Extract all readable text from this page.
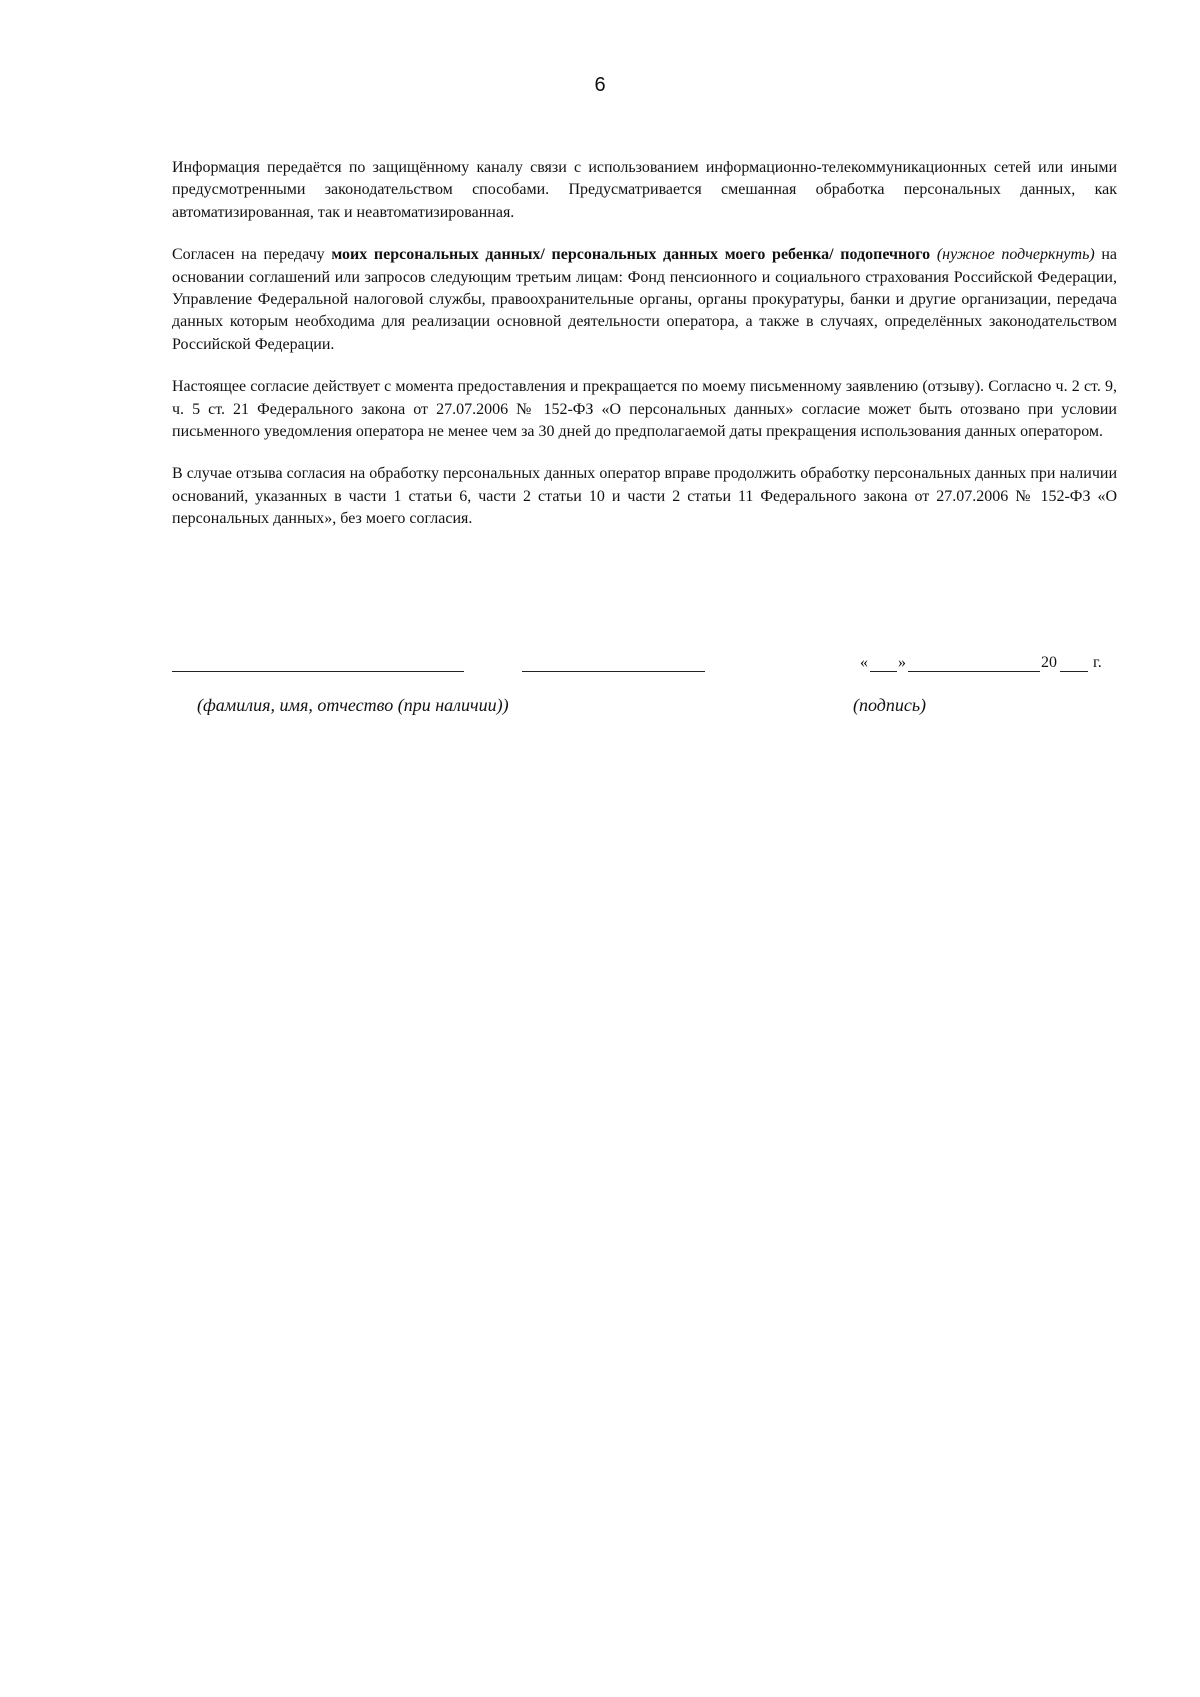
6

Информация передаётся по защищённому каналу связи с использованием информационно-телекоммуникационных сетей или иными предусмотренными законодательством способами. Предусматривается смешанная обработка персональных данных, как автоматизированная, так и неавтоматизированная.

Согласен на передачу моих персональных данных/ персональных данных моего ребенка/ подопечного (нужное подчеркнуть) на основании соглашений или запросов следующим третьим лицам: Фонд пенсионного и социального страхования Российской Федерации, Управление Федеральной налоговой службы, правоохранительные органы, органы прокуратуры, банки и другие организации, передача данных которым необходима для реализации основной деятельности оператора, а также в случаях, определённых законодательством Российской Федерации.

Настоящее согласие действует с момента предоставления и прекращается по моему письменному заявлению (отзыву). Согласно ч. 2 ст. 9, ч. 5 ст. 21 Федерального закона от 27.07.2006 № 152-ФЗ «О персональных данных» согласие может быть отозвано при условии письменного уведомления оператора не менее чем за 30 дней до предполагаемой даты прекращения использования данных оператором.

В случае отзыва согласия на обработку персональных данных оператор вправе продолжить обработку персональных данных при наличии оснований, указанных в части 1 статьи 6, части 2 статьи 10 и части 2 статьи 11 Федерального закона от 27.07.2006 № 152-ФЗ «О персональных данных», без моего согласия.

« »	20 г.
(фамилия, имя, отчество (при наличии))	(подпись)
